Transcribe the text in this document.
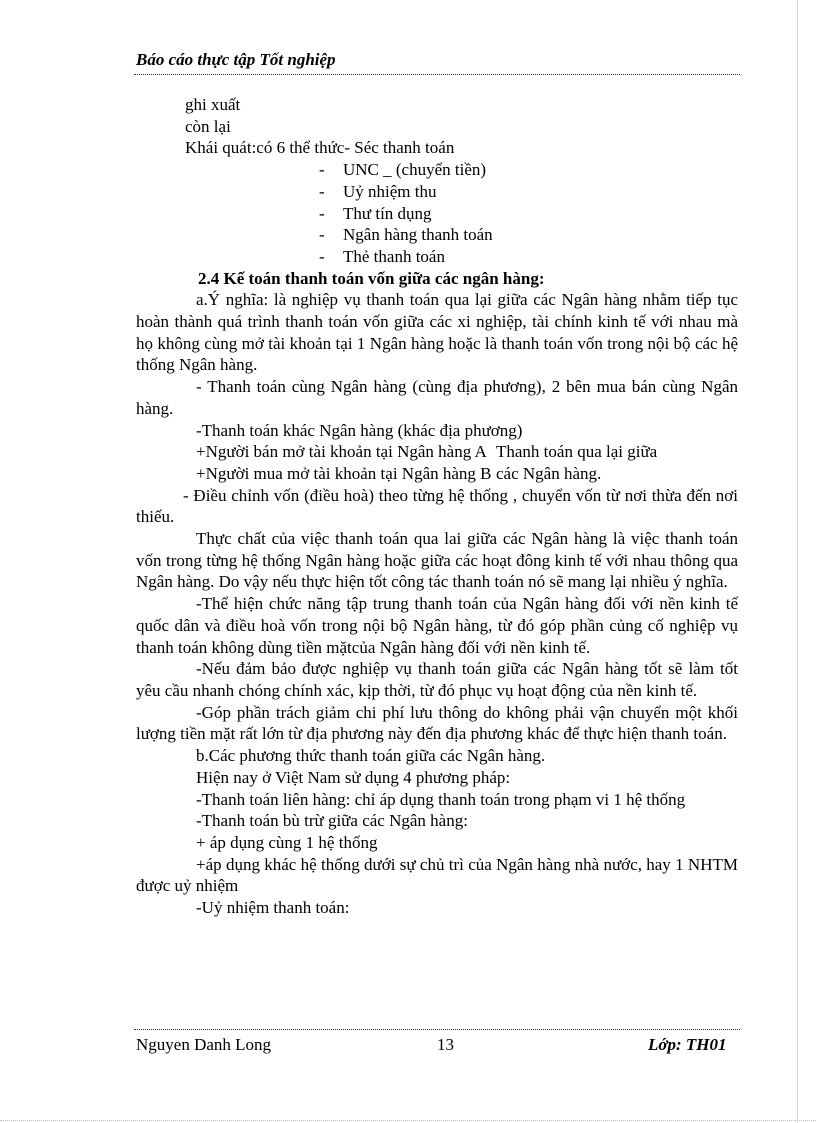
Báo cáo thực tập Tốt nghiệp

ghi xuất

còn lại

Khái quát:có 6 thể thức- Séc thanh toán

- UNC _ (chuyển tiền)

- Uỷ nhiệm thu

- Thư tín dụng

- Ngân hàng thanh toán

- Thẻ thanh toán

2.4 Kế toán thanh toán vốn giữa các ngân hàng:

a.Ý nghĩa: là nghiệp vụ thanh toán qua lại giữa các Ngân hàng nhằm tiếp tục hoàn thành quá trình thanh toán vốn giữa các xi nghiệp, tài chính kinh tế với nhau mà họ không cùng mở tài khoản tại 1 Ngân hàng hoặc là thanh toán vốn trong nội bộ các hệ thống Ngân hàng.

- Thanh toán cùng Ngân hàng (cùng địa phương), 2 bên mua bán cùng Ngân hàng.

-Thanh toán khác Ngân hàng (khác địa phương)

+Người bán mở tài khoản tại Ngân hàng A Thanh toán qua lại giữa
+Người mua mở tài khoản tại Ngân hàng B các Ngân hàng.

- Điều chỉnh vốn (điều hoà) theo từng hệ thống , chuyển vốn từ nơi thừa đến nơi thiếu.

Thực chất của việc thanh toán qua lai giữa các Ngân hàng là việc thanh toán vốn trong từng hệ thống Ngân hàng hoặc giữa các hoạt đông kinh tế với nhau thông qua Ngân hàng. Do vậy nếu thực hiện tốt công tác thanh toán nó sẽ mang lại nhiều ý nghĩa.

-Thể hiện chức năng tập trung thanh toán của Ngân hàng đối với nền kinh tế quốc dân và điều hoà vốn trong nội bộ Ngân hàng, từ đó góp phần củng cố nghiệp vụ thanh toán không dùng tiền mặtcủa Ngân hàng đối với nền kinh tế.

-Nếu đảm bảo được nghiệp vụ thanh toán giữa các Ngân hàng tốt sẽ làm tốt yêu cầu nhanh chóng chính xác, kịp thời, từ đó phục vụ hoạt động của nền kinh tế.

-Góp phần trách giảm chi phí lưu thông do không phải vận chuyển một khối lượng tiền mặt rất lớn từ địa phương này đến địa phương khác để thực hiện thanh toán.

b.Các phương thức thanh toán giữa các Ngân hàng.

Hiện nay ở Việt Nam sử dụng 4 phương pháp:

-Thanh toán liên hàng: chỉ áp dụng thanh toán trong phạm vi 1 hệ thống

-Thanh toán bù trừ giữa các Ngân hàng:

+ áp dụng cùng 1 hệ thống

+áp dụng khác hệ thống dưới sự chủ trì của Ngân hàng nhà nước, hay 1 NHTM được uỷ nhiệm

-Uỷ nhiệm thanh toán:

Nguyen Danh Long	13	Lớp: TH01
